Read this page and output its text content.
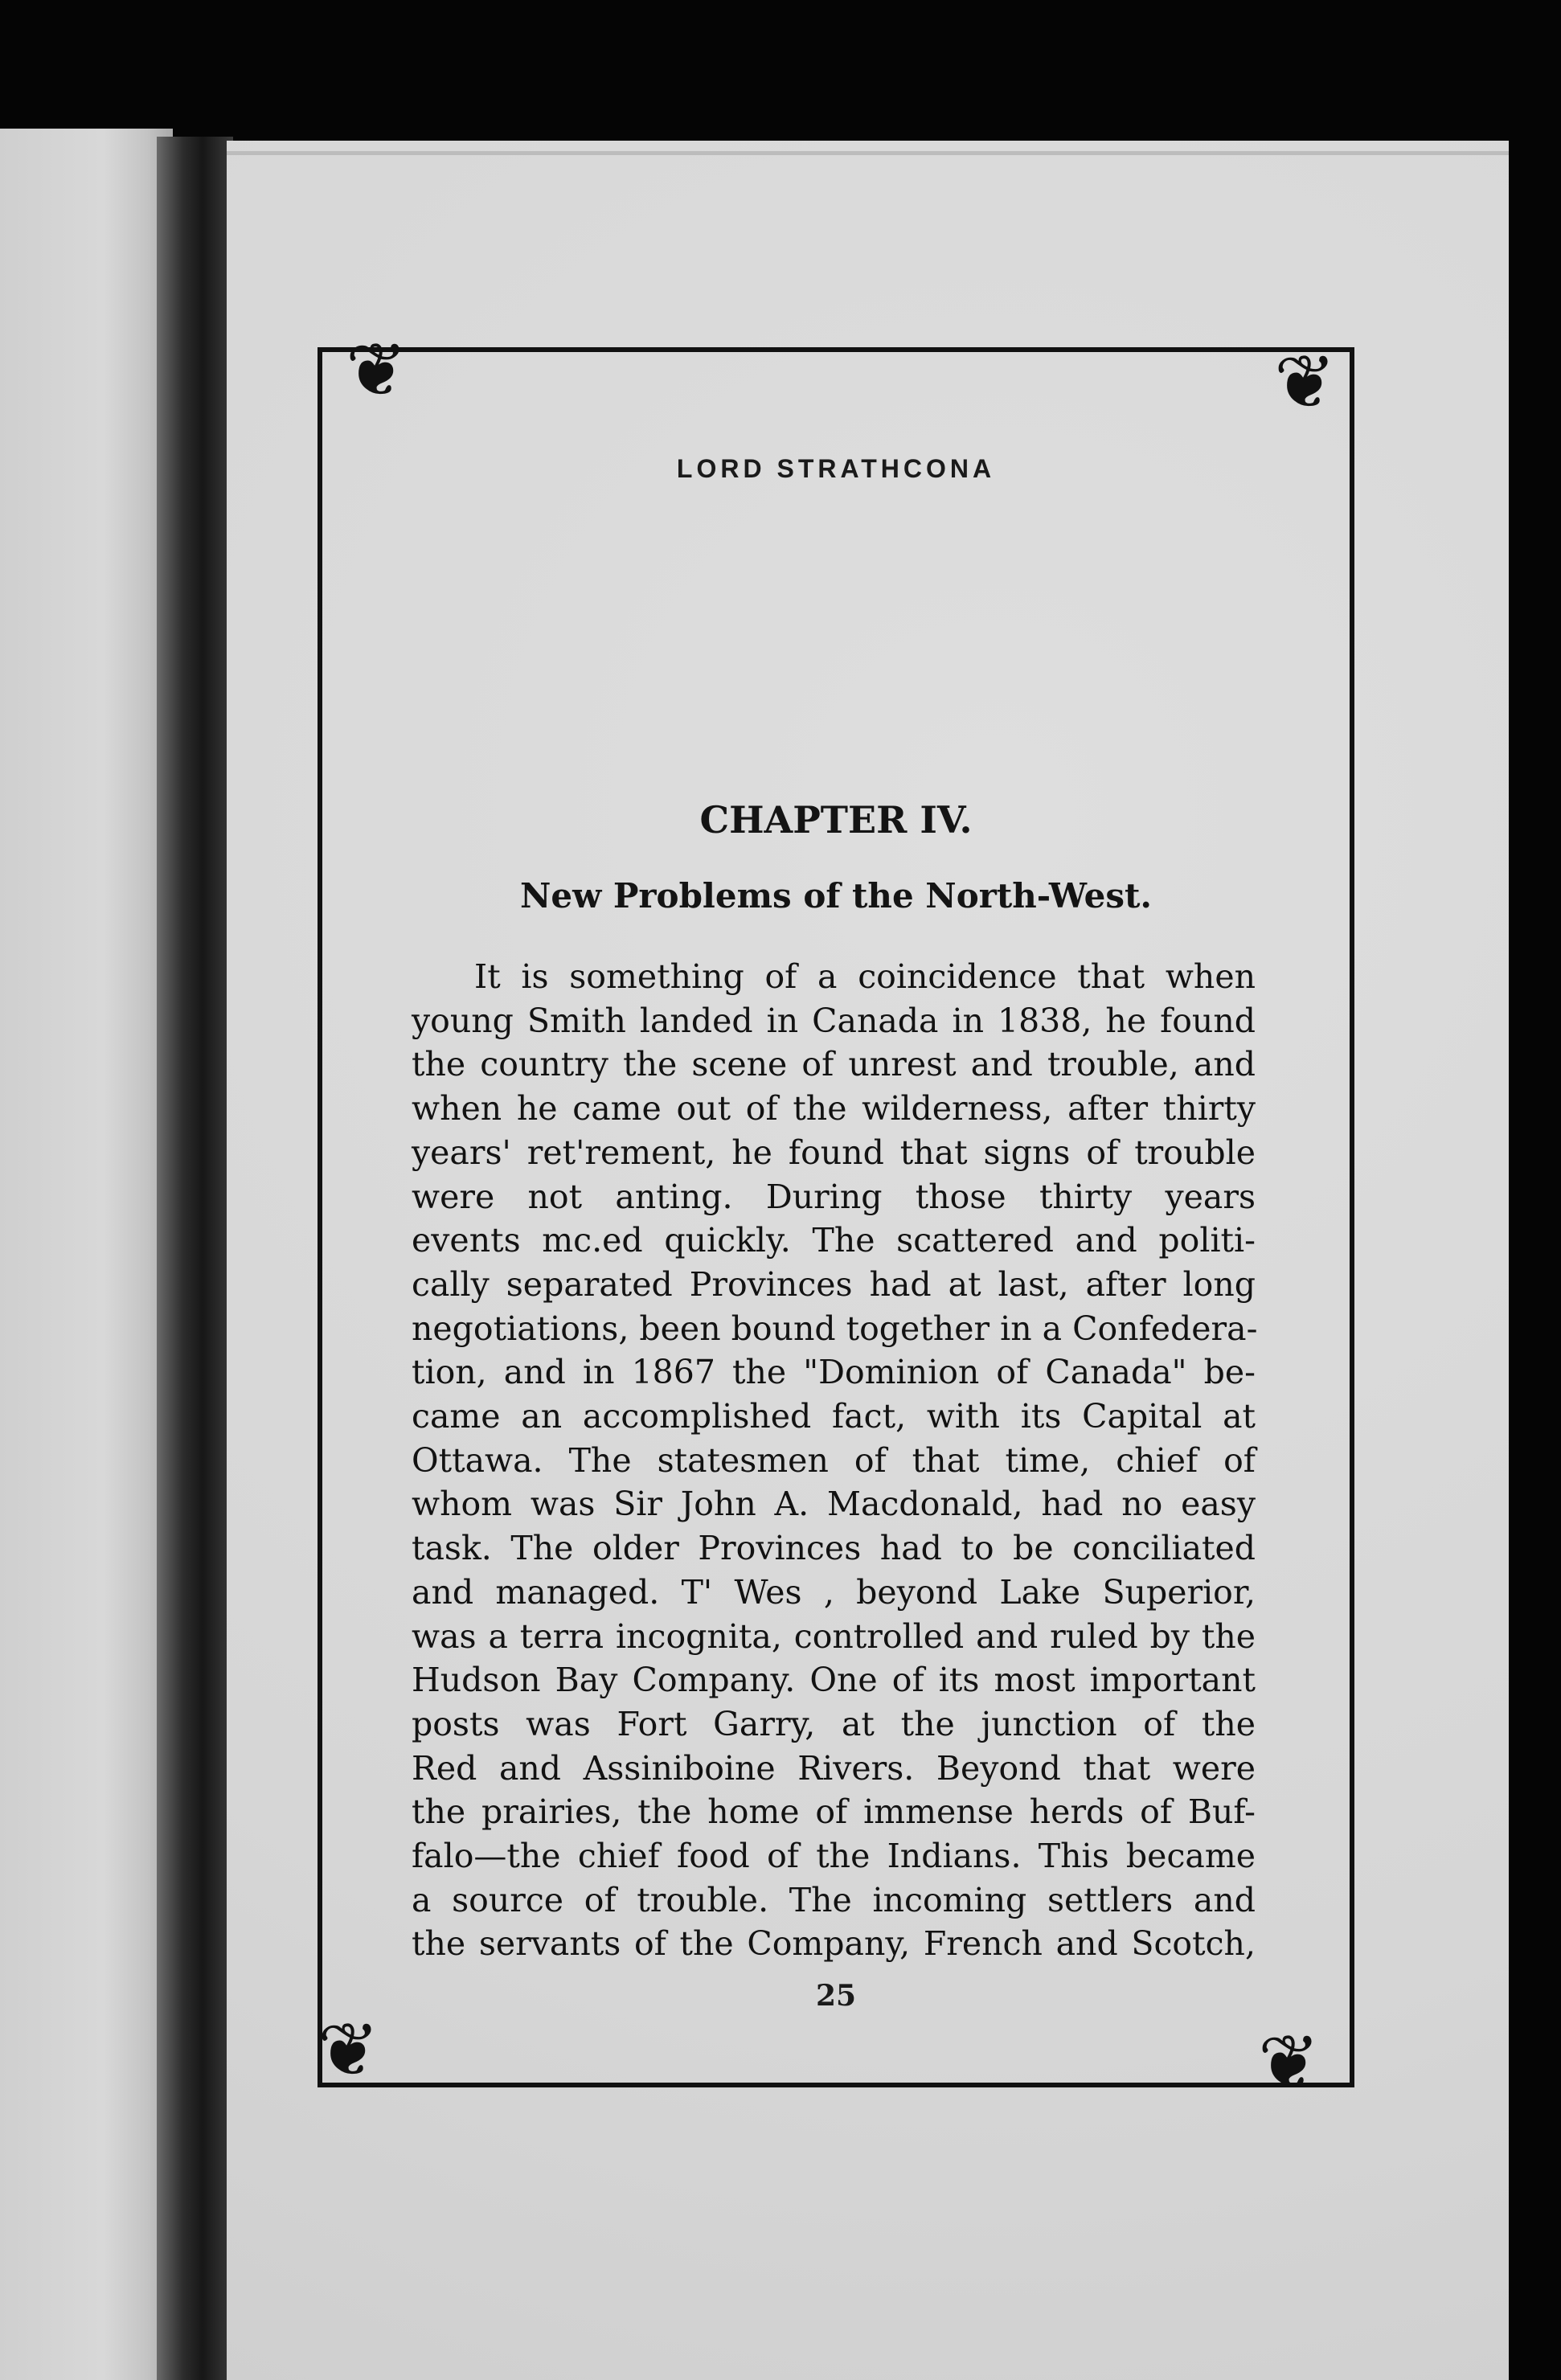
❦	❦
❦	❦
LORD STRATHCONA
CHAPTER IV.
New Problems of the North-West.

It is something of a coincidence that when
young Smith landed in Canada in 1838, he found
the country the scene of unrest and trouble, and
when he came out of the wilderness, after thirty
years' ret'rement, he found that signs of trouble
were not anting. During those thirty years
events mc.ed quickly. The scattered and politi-
cally separated Provinces had at last, after long
negotiations, been bound together in a Confedera-
tion, and in 1867 the "Dominion of Canada" be-
came an accomplished fact, with its Capital at
Ottawa. The statesmen of that time, chief of
whom was Sir John A. Macdonald, had no easy
task. The older Provinces had to be conciliated
and managed. T' Wes , beyond Lake Superior,
was a terra incognita, controlled and ruled by the
Hudson Bay Company. One of its most important
posts was Fort Garry, at the junction of the
Red and Assiniboine Rivers. Beyond that were
the prairies, the home of immense herds of Buf-
falo—the chief food of the Indians. This became
a source of trouble. The incoming settlers and
the servants of the Company, French and Scotch,

25
